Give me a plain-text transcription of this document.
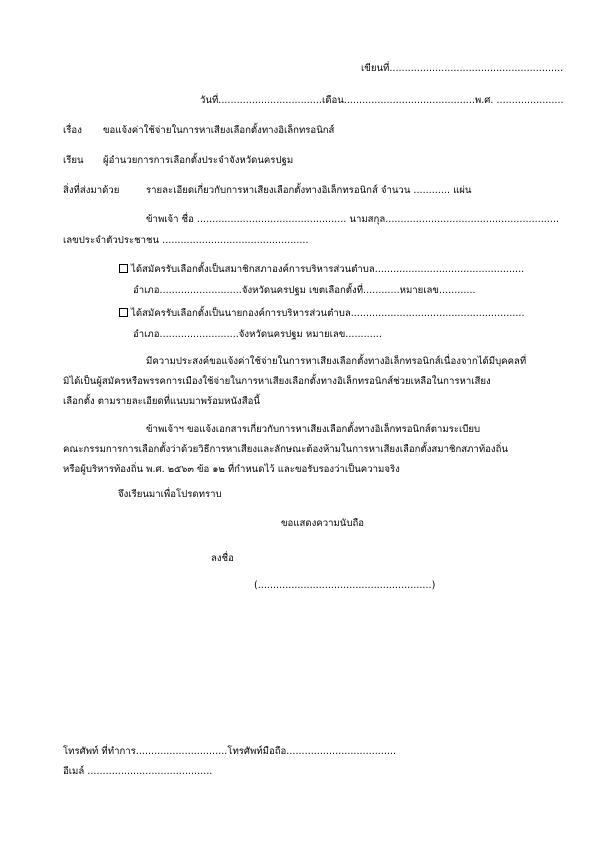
เขียนที่.........................................................
วันที่..................................เดือน...........................................พ.ศ. ......................
เรื่อง ขอแจ้งค่าใช้จ่ายในการหาเสียงเลือกตั้งทางอิเล็กทรอนิกส์
เรียน ผู้อำนวยการการเลือกตั้งประจำจังหวัดนครปฐม
สิ่งที่ส่งมาด้วย	รายละเอียดเกี่ยวกับการหาเสียงเลือกตั้งทางอิเล็กทรอนิกส์ จำนวน ............ แผ่น
ข้าพเจ้า ชื่อ ................................................. นามสกุล.........................................................
เลขประจำตัวประชาชน ................................................
ได้สมัครรับเลือกตั้งเป็นสมาชิกสภาองค์การบริหารส่วนตำบล.................................................
อำเภอ...........................จังหวัดนครปฐม เขตเลือกตั้งที่............หมายเลข............
ได้สมัครรับเลือกตั้งเป็นนายกองค์การบริหารส่วนตำบล.........................................................
อำเภอ..........................จังหวัดนครปฐม หมายเลข............
มีความประสงค์ขอแจ้งค่าใช้จ่ายในการหาเสียงเลือกตั้งทางอิเล็กทรอนิกส์เนื่องจากได้มีบุคคลที่
มิได้เป็นผู้สมัครหรือพรรคการเมืองใช้จ่ายในการหาเสียงเลือกตั้งทางอิเล็กทรอนิกส์ช่วยเหลือในการหาเสียง
เลือกตั้ง ตามรายละเอียดที่แนบมาพร้อมหนังสือนี้
ข้าพเจ้าฯ ขอแจ้งเอกสารเกี่ยวกับการหาเสียงเลือกตั้งทางอิเล็กทรอนิกส์ตามระเบียบ
คณะกรรมการการเลือกตั้งว่าด้วยวิธีการหาเสียงและลักษณะต้องห้ามในการหาเสียงเลือกตั้งสมาชิกสภาท้องถิ่น
หรือผู้บริหารท้องถิ่น พ.ศ. ๒๕๖๓ ข้อ ๑๒ ที่กำหนดไว้ และขอรับรองว่าเป็นความจริง
จึงเรียนมาเพื่อโปรดทราบ
ขอแสดงความนับถือ
ลงชื่อ
(.........................................................)
โทรศัพท์ ที่ทำการ..............................โทรศัพท์มือถือ....................................
อีเมล์ .........................................
